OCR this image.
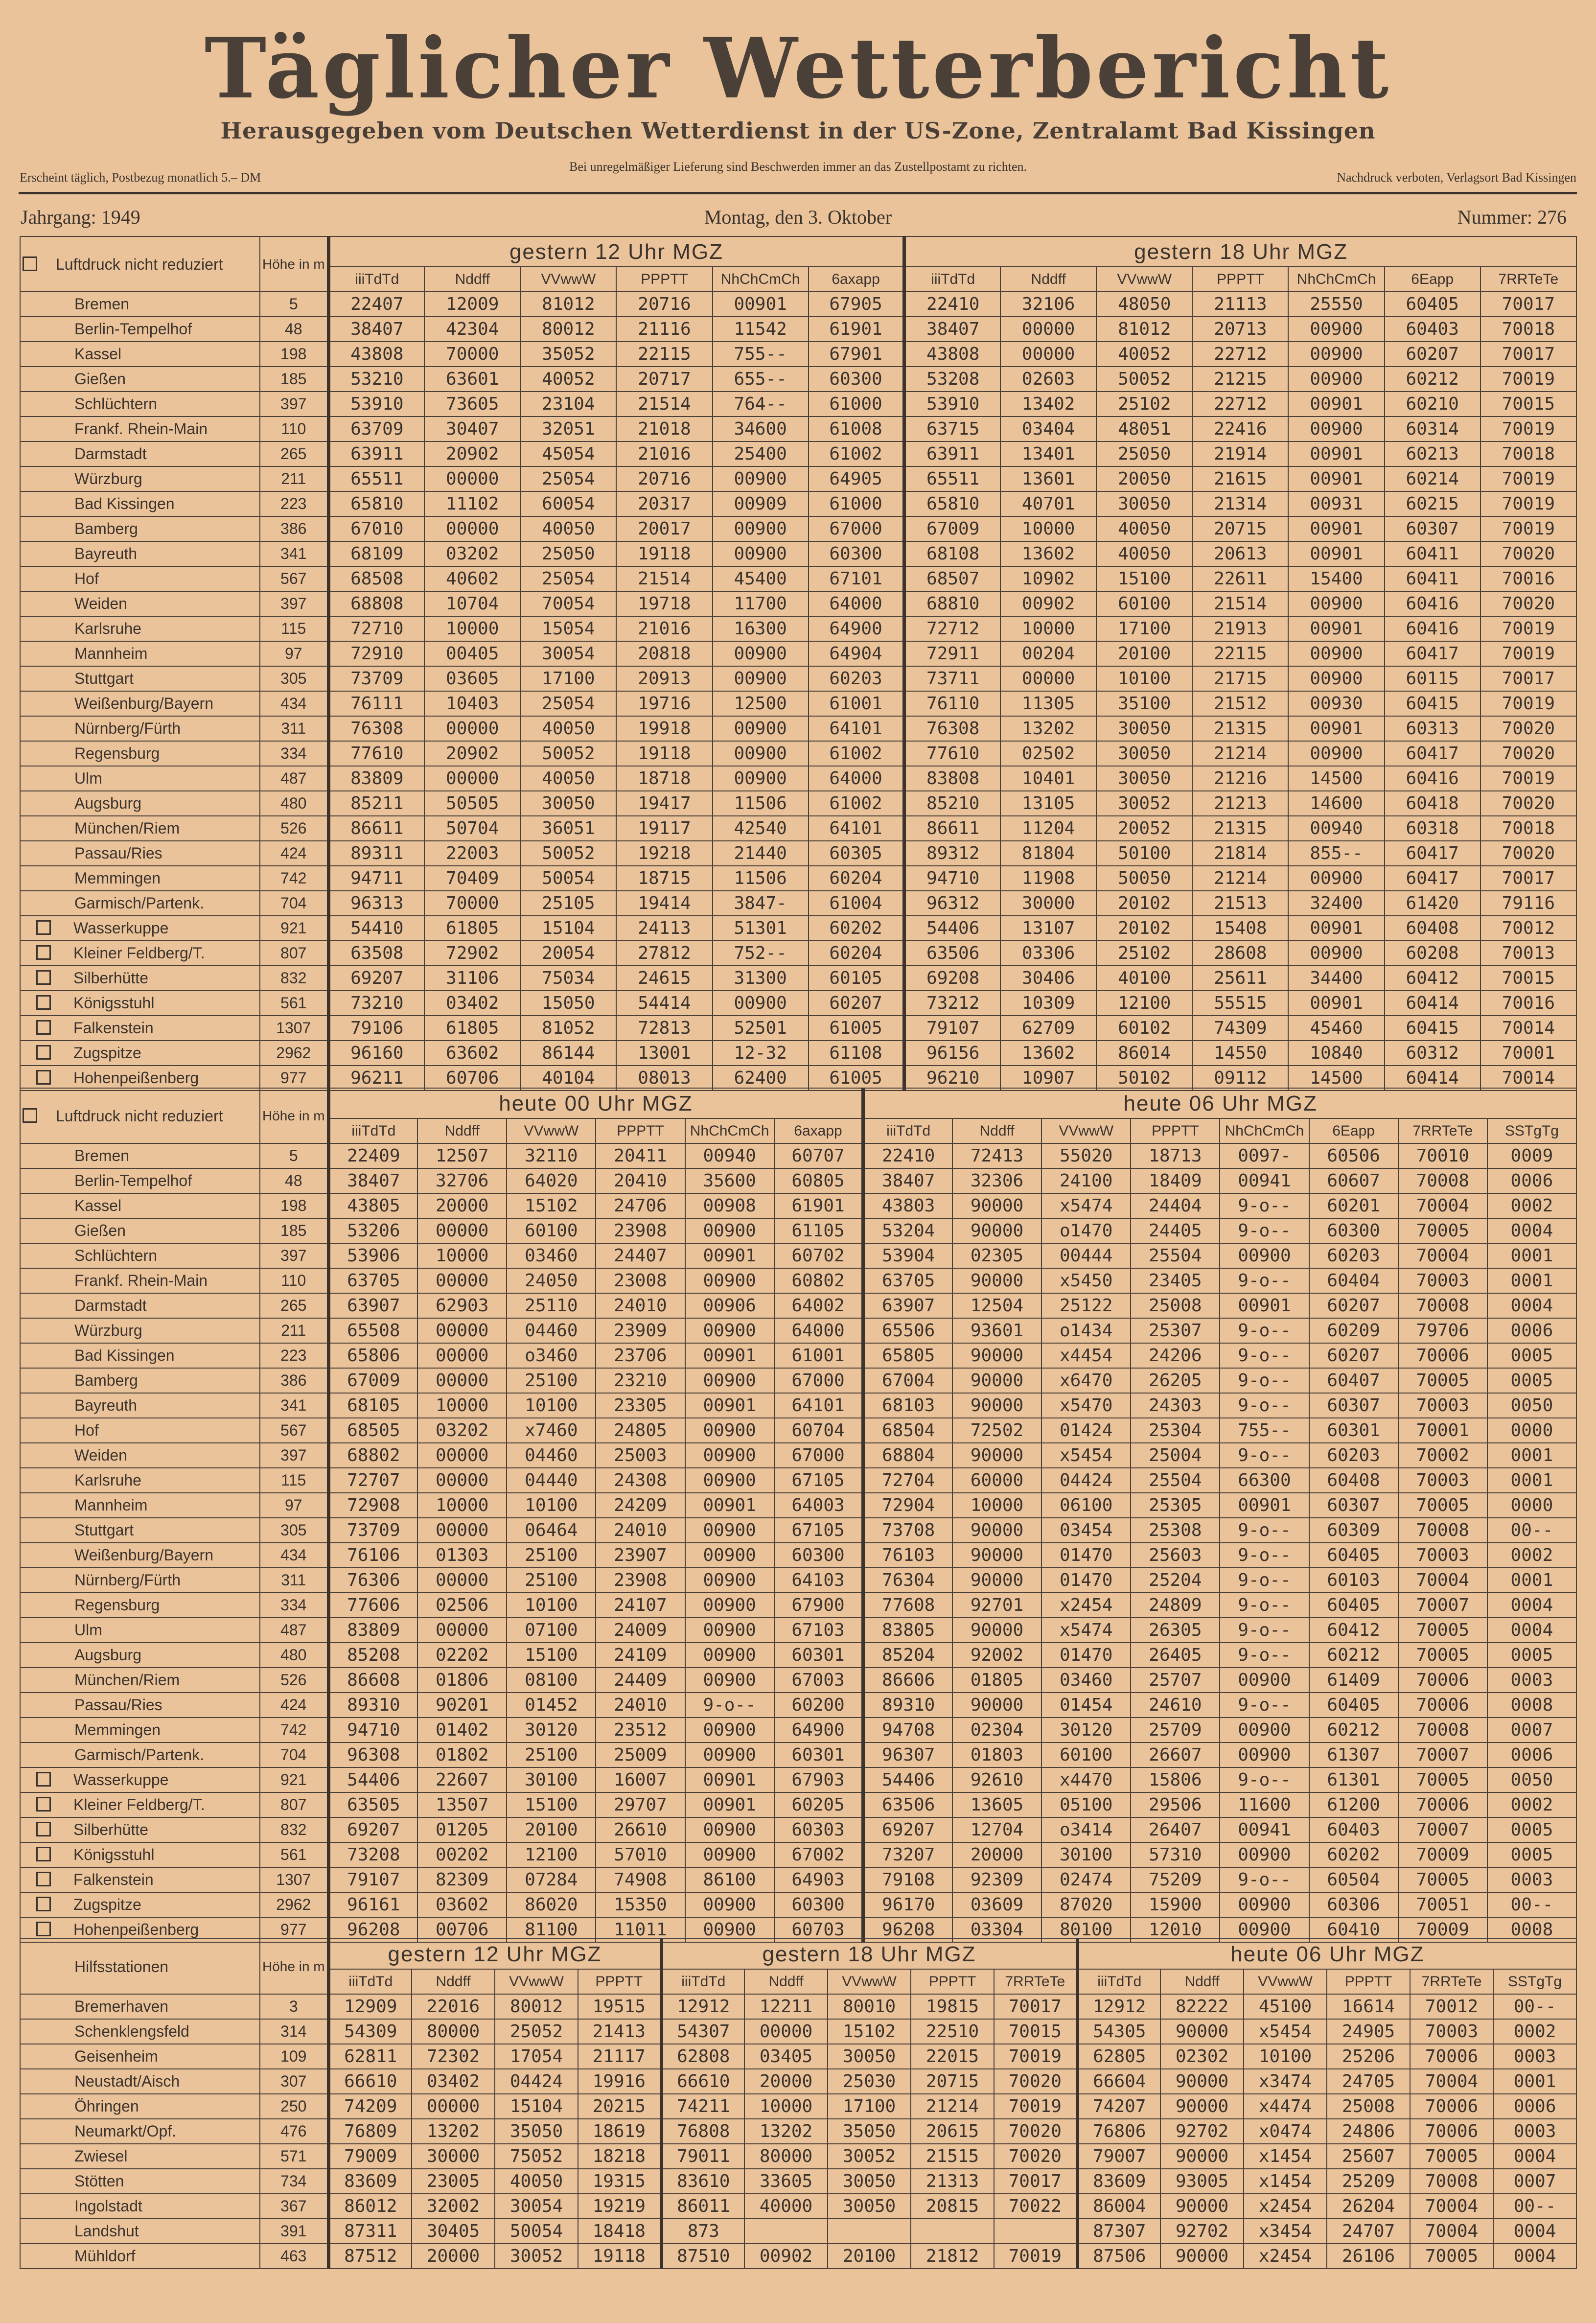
Täglicher Wetterbericht
Herausgegeben vom Deutschen Wetterdienst in der US-Zone, Zentralamt Bad Kissingen
Bei unregelmäßiger Lieferung sind Beschwerden immer an das Zustellpostamt zu richten.
Erscheint täglich, Postbezug monatlich 5.– DM	Nachdruck verboten, Verlagsort Bad Kissingen
Jahrgang: 1949	Montag, den 3. Oktober	Nummer: 276
Luftdruck nicht reduziert	Höhe in m	gestern 12 Uhr MGZ						gestern 18 Uhr MGZ						
		iiiTdTd	Nddff	VVwwW	PPPTT	NhChCmCh	6axapp	iiiTdTd	Nddff	VVwwW	PPPTT	NhChCmCh	6Eapp	7RRTeTe
Bremen	5	22407	12009	81012	20716	00901	67905	22410	32106	48050	21113	25550	60405	70017
Berlin-Tempelhof	48	38407	42304	80012	21116	11542	61901	38407	00000	81012	20713	00900	60403	70018
Kassel	198	43808	70000	35052	22115	755--	67901	43808	00000	40052	22712	00900	60207	70017
Gießen	185	53210	63601	40052	20717	655--	60300	53208	02603	50052	21215	00900	60212	70019
Schlüchtern	397	53910	73605	23104	21514	764--	61000	53910	13402	25102	22712	00901	60210	70015
Frankf. Rhein-Main	110	63709	30407	32051	21018	34600	61008	63715	03404	48051	22416	00900	60314	70019
Darmstadt	265	63911	20902	45054	21016	25400	61002	63911	13401	25050	21914	00901	60213	70018
Würzburg	211	65511	00000	25054	20716	00900	64905	65511	13601	20050	21615	00901	60214	70019
Bad Kissingen	223	65810	11102	60054	20317	00909	61000	65810	40701	30050	21314	00931	60215	70019
Bamberg	386	67010	00000	40050	20017	00900	67000	67009	10000	40050	20715	00901	60307	70019
Bayreuth	341	68109	03202	25050	19118	00900	60300	68108	13602	40050	20613	00901	60411	70020
Hof	567	68508	40602	25054	21514	45400	67101	68507	10902	15100	22611	15400	60411	70016
Weiden	397	68808	10704	70054	19718	11700	64000	68810	00902	60100	21514	00900	60416	70020
Karlsruhe	115	72710	10000	15054	21016	16300	64900	72712	10000	17100	21913	00901	60416	70019
Mannheim	97	72910	00405	30054	20818	00900	64904	72911	00204	20100	22115	00900	60417	70019
Stuttgart	305	73709	03605	17100	20913	00900	60203	73711	00000	10100	21715	00900	60115	70017
Weißenburg/Bayern	434	76111	10403	25054	19716	12500	61001	76110	11305	35100	21512	00930	60415	70019
Nürnberg/Fürth	311	76308	00000	40050	19918	00900	64101	76308	13202	30050	21315	00901	60313	70020
Regensburg	334	77610	20902	50052	19118	00900	61002	77610	02502	30050	21214	00900	60417	70020
Ulm	487	83809	00000	40050	18718	00900	64000	83808	10401	30050	21216	14500	60416	70019
Augsburg	480	85211	50505	30050	19417	11506	61002	85210	13105	30052	21213	14600	60418	70020
München/Riem	526	86611	50704	36051	19117	42540	64101	86611	11204	20052	21315	00940	60318	70018
Passau/Ries	424	89311	22003	50052	19218	21440	60305	89312	81804	50100	21814	855--	60417	70020
Memmingen	742	94711	70409	50054	18715	11506	60204	94710	11908	50050	21214	00900	60417	70017
Garmisch/Partenk.	704	96313	70000	25105	19414	3847-	61004	96312	30000	20102	21513	32400	61420	79116
Wasserkuppe	921	54410	61805	15104	24113	51301	60202	54406	13107	20102	15408	00901	60408	70012
Kleiner Feldberg/T.	807	63508	72902	20054	27812	752--	60204	63506	03306	25102	28608	00900	60208	70013
Silberhütte	832	69207	31106	75034	24615	31300	60105	69208	30406	40100	25611	34400	60412	70015
Königsstuhl	561	73210	03402	15050	54414	00900	60207	73212	10309	12100	55515	00901	60414	70016
Falkenstein	1307	79106	61805	81052	72813	52501	61005	79107	62709	60102	74309	45460	60415	70014
Zugspitze	2962	96160	63602	86144	13001	12-32	61108	96156	13602	86014	14550	10840	60312	70001
Hohenpeißenberg	977	96211	60706	40104	08013	62400	61005	96210	10907	50102	09112	14500	60414	70014
Luftdruck nicht reduziert	Höhe in m	heute 00 Uhr MGZ						heute 06 Uhr MGZ							
		iiiTdTd	Nddff	VVwwW	PPPTT	NhChCmCh	6axapp	iiiTdTd	Nddff	VVwwW	PPPTT	NhChCmCh	6Eapp	7RRTeTe	SSTgTg
Bremen	5	22409	12507	32110	20411	00940	60707	22410	72413	55020	18713	0097-	60506	70010	0009
Berlin-Tempelhof	48	38407	32706	64020	20410	35600	60805	38407	32306	24100	18409	00941	60607	70008	0006
Kassel	198	43805	20000	15102	24706	00908	61901	43803	90000	x5474	24404	9-o--	60201	70004	0002
Gießen	185	53206	00000	60100	23908	00900	61105	53204	90000	o1470	24405	9-o--	60300	70005	0004
Schlüchtern	397	53906	10000	03460	24407	00901	60702	53904	02305	00444	25504	00900	60203	70004	0001
Frankf. Rhein-Main	110	63705	00000	24050	23008	00900	60802	63705	90000	x5450	23405	9-o--	60404	70003	0001
Darmstadt	265	63907	62903	25110	24010	00906	64002	63907	12504	25122	25008	00901	60207	70008	0004
Würzburg	211	65508	00000	04460	23909	00900	64000	65506	93601	o1434	25307	9-o--	60209	79706	0006
Bad Kissingen	223	65806	00000	o3460	23706	00901	61001	65805	90000	x4454	24206	9-o--	60207	70006	0005
Bamberg	386	67009	00000	25100	23210	00900	67000	67004	90000	x6470	26205	9-o--	60407	70005	0005
Bayreuth	341	68105	10000	10100	23305	00901	64101	68103	90000	x5470	24303	9-o--	60307	70003	0050
Hof	567	68505	03202	x7460	24805	00900	60704	68504	72502	01424	25304	755--	60301	70001	0000
Weiden	397	68802	00000	04460	25003	00900	67000	68804	90000	x5454	25004	9-o--	60203	70002	0001
Karlsruhe	115	72707	00000	04440	24308	00900	67105	72704	60000	04424	25504	66300	60408	70003	0001
Mannheim	97	72908	10000	10100	24209	00901	64003	72904	10000	06100	25305	00901	60307	70005	0000
Stuttgart	305	73709	00000	06464	24010	00900	67105	73708	90000	03454	25308	9-o--	60309	70008	00--
Weißenburg/Bayern	434	76106	01303	25100	23907	00900	60300	76103	90000	01470	25603	9-o--	60405	70003	0002
Nürnberg/Fürth	311	76306	00000	25100	23908	00900	64103	76304	90000	01470	25204	9-o--	60103	70004	0001
Regensburg	334	77606	02506	10100	24107	00900	67900	77608	92701	x2454	24809	9-o--	60405	70007	0004
Ulm	487	83809	00000	07100	24009	00900	67103	83805	90000	x5474	26305	9-o--	60412	70005	0004
Augsburg	480	85208	02202	15100	24109	00900	60301	85204	92002	01470	26405	9-o--	60212	70005	0005
München/Riem	526	86608	01806	08100	24409	00900	67003	86606	01805	03460	25707	00900	61409	70006	0003
Passau/Ries	424	89310	90201	01452	24010	9-o--	60200	89310	90000	01454	24610	9-o--	60405	70006	0008
Memmingen	742	94710	01402	30120	23512	00900	64900	94708	02304	30120	25709	00900	60212	70008	0007
Garmisch/Partenk.	704	96308	01802	25100	25009	00900	60301	96307	01803	60100	26607	00900	61307	70007	0006
Wasserkuppe	921	54406	22607	30100	16007	00901	67903	54406	92610	x4470	15806	9-o--	61301	70005	0050
Kleiner Feldberg/T.	807	63505	13507	15100	29707	00901	60205	63506	13605	05100	29506	11600	61200	70006	0002
Silberhütte	832	69207	01205	20100	26610	00900	60303	69207	12704	o3414	26407	00941	60403	70007	0005
Königsstuhl	561	73208	00202	12100	57010	00900	67002	73207	20000	30100	57310	00900	60202	70009	0005
Falkenstein	1307	79107	82309	07284	74908	86100	64903	79108	92309	02474	75209	9-o--	60504	70005	0003
Zugspitze	2962	96161	03602	86020	15350	00900	60300	96170	03609	87020	15900	00900	60306	70051	00--
Hohenpeißenberg	977	96208	00706	81100	11011	00900	60703	96208	03304	80100	12010	00900	60410	70009	0008
Hilfsstationen	Höhe in m	gestern 12 Uhr MGZ				gestern 18 Uhr MGZ					heute 06 Uhr MGZ					
		iiiTdTd	Nddff	VVwwW	PPPTT	iiiTdTd	Nddff	VVwwW	PPPTT	7RRTeTe	iiiTdTd	Nddff	VVwwW	PPPTT	7RRTeTe	SSTgTg
Bremerhaven	3	12909	22016	80012	19515	12912	12211	80010	19815	70017	12912	82222	45100	16614	70012	00--
Schenklengsfeld	314	54309	80000	25052	21413	54307	00000	15102	22510	70015	54305	90000	x5454	24905	70003	0002
Geisenheim	109	62811	72302	17054	21117	62808	03405	30050	22015	70019	62805	02302	10100	25206	70006	0003
Neustadt/Aisch	307	66610	03402	04424	19916	66610	20000	25030	20715	70020	66604	90000	x3474	24705	70004	0001
Öhringen	250	74209	00000	15104	20215	74211	10000	17100	21214	70019	74207	90000	x4474	25008	70006	0006
Neumarkt/Opf.	476	76809	13202	35050	18619	76808	13202	35050	20615	70020	76806	92702	x0474	24806	70006	0003
Zwiesel	571	79009	30000	75052	18218	79011	80000	30052	21515	70020	79007	90000	x1454	25607	70005	0004
Stötten	734	83609	23005	40050	19315	83610	33605	30050	21313	70017	83609	93005	x1454	25209	70008	0007
Ingolstadt	367	86012	32002	30054	19219	86011	40000	30050	20815	70022	86004	90000	x2454	26204	70004	00--
Landshut	391	87311	30405	50054	18418	873					87307	92702	x3454	24707	70004	0004
Mühldorf	463	87512	20000	30052	19118	87510	00902	20100	21812	70019	87506	90000	x2454	26106	70005	0004
